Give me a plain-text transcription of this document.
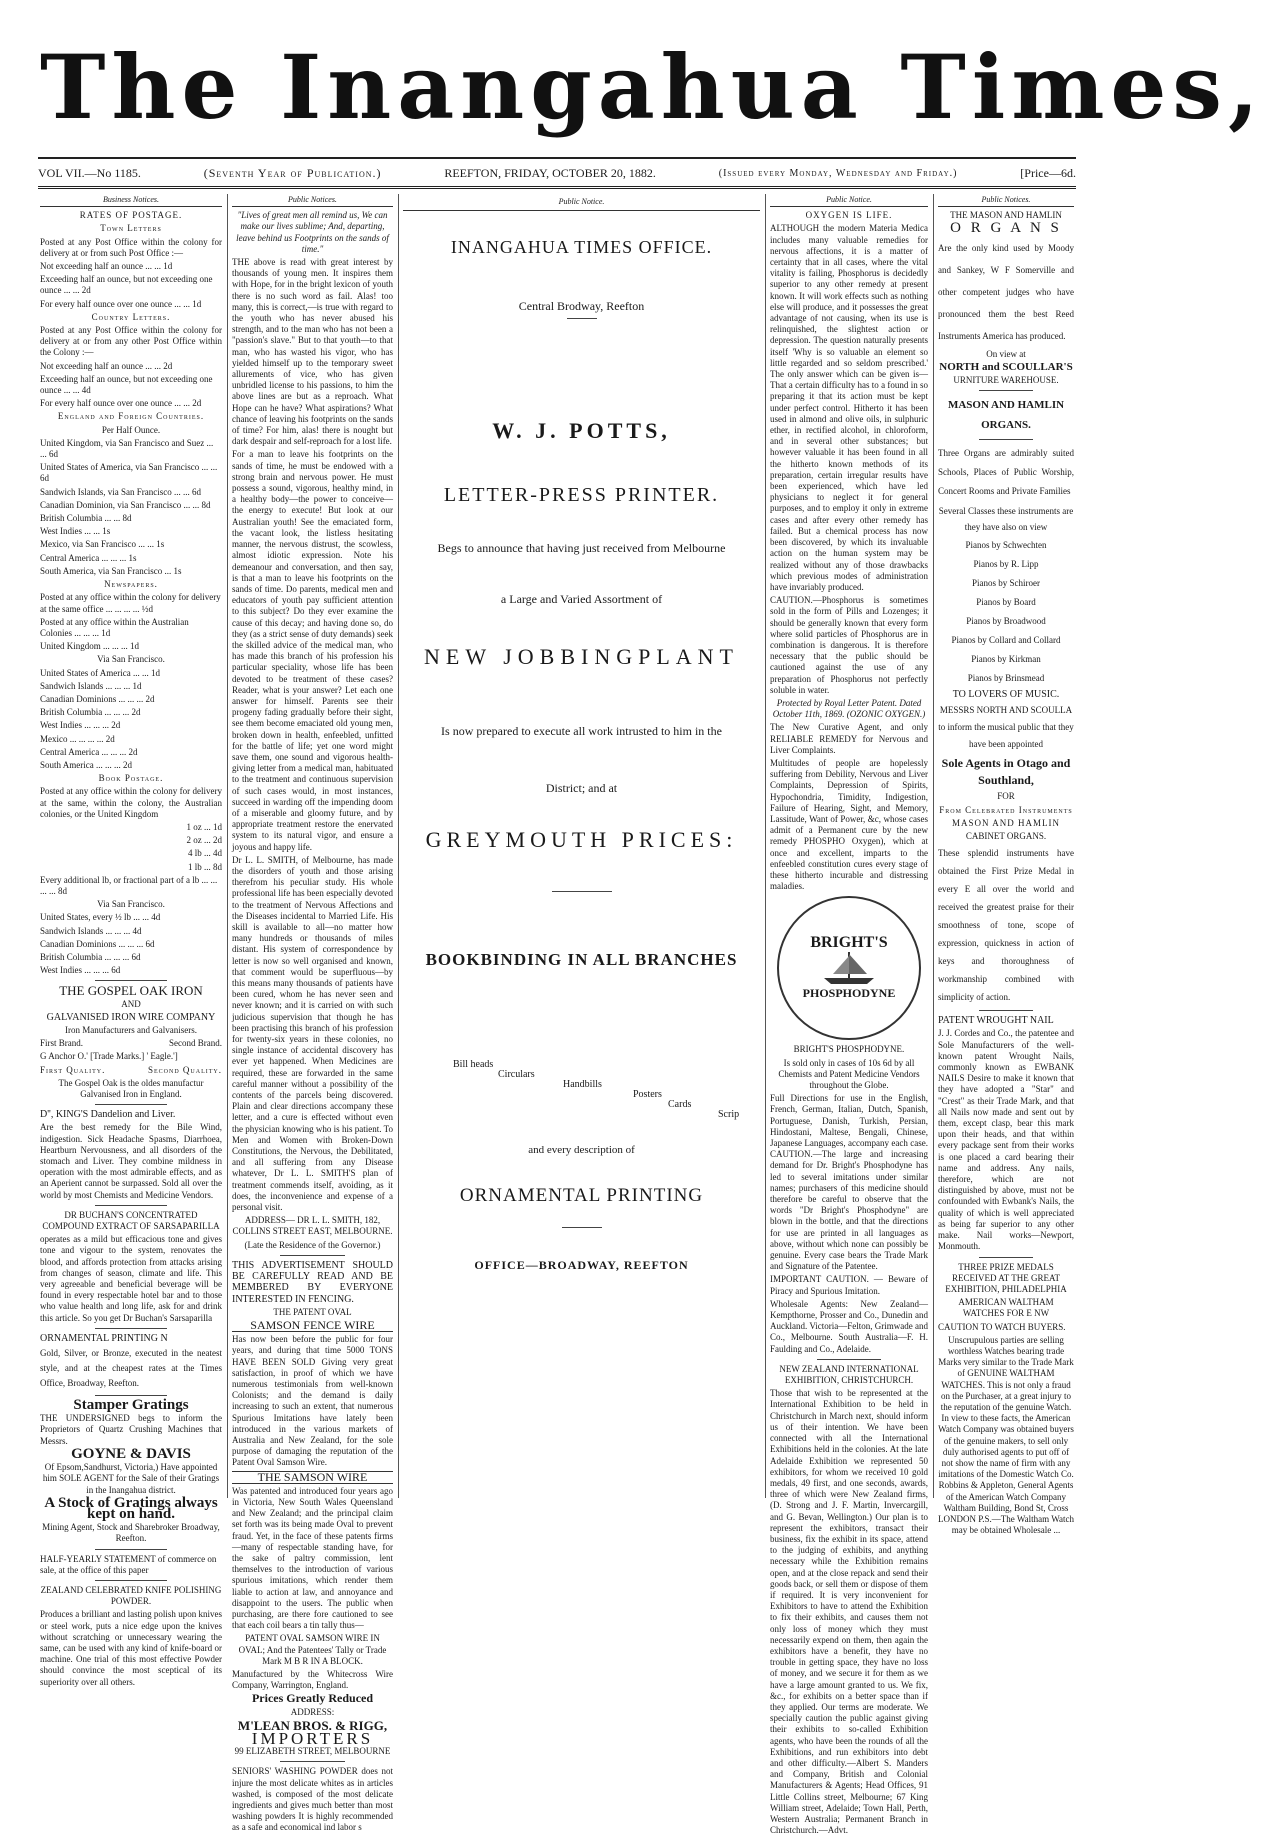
The Inangahua Times,
VOL VII.—No 1185.	(Seventh Year of Publication.)	REEFTON, FRIDAY, OCTOBER 20, 1882.	(Issued every Monday, Wednesday and Friday.)	[Price—6d.
Business Notices.

RATES OF POSTAGE.

Town Letters

Posted at any Post Office within the colony for delivery at or from such Post Office :—

Not exceeding half an ounce ... ... 1d

Exceeding half an ounce, but not exceeding one ounce ... ... 2d

For every half ounce over one ounce ... ... 1d

Country Letters.

Posted at any Post Office within the colony for delivery at or from any other Post Office within the Colony :—

Not exceeding half an ounce ... ... 2d

Exceeding half an ounce, but not exceeding one ounce ... ... 4d

For every half ounce over one ounce ... ... 2d

England and Foreign Countries.

Per Half Ounce.

United Kingdom, via San Francisco and Suez ... ... 6d

United States of America, via San Francisco ... ... 6d

Sandwich Islands, via San Francisco ... ... 6d

Canadian Dominion, via San Francisco ... ... 8d

British Columbia ... ... 8d

West Indies ... ... 1s

Mexico, via San Francisco ... ... 1s

Central America ... ... ... 1s

South America, via San Francisco ... 1s

Newspapers.

Posted at any office within the colony for delivery at the same office ... ... ... ... ½d

Posted at any office within the Australian Colonies ... ... ... 1d

United Kingdom ... ... ... 1d

Via San Francisco.

United States of America ... ... 1d

Sandwich Islands ... ... ... 1d

Canadian Dominions ... ... ... 2d

British Columbia ... ... ... 2d

West Indies ... ... ... 2d

Mexico ... ... ... ... 2d

Central America ... ... ... 2d

South America ... ... ... 2d

Book Postage.

Posted at any office within the colony for delivery at the same, within the colony, the Australian colonies, or the United Kingdom

1 oz ... 1d

2 oz ... 2d

4 lb ... 4d

1 lb ... 8d

Every additional lb, or fractional part of a lb ... ... ... ... 8d

Via San Francisco.

United States, every ½ lb ... ... 4d

Sandwich Islands ... ... ... 4d

Canadian Dominions ... ... ... 6d

British Columbia ... ... ... 6d

West Indies ... ... ... 6d

THE GOSPEL OAK IRON

AND

GALVANISED IRON WIRE COMPANY

Iron Manufacturers and Galvanisers.

First Brand.	Second Brand.

G Anchor O.' [Trade Marks.] ' Eagle.']

First Quality.	Second Quality.

The Gospel Oak is the oldes manufactur Galvanised Iron in England.

D'', KING'S Dandelion and Liver.

Are the best remedy for the Bile Wind, indigestion. Sick Headache Spasms, Diarrhoea, Heartburn Nervousness, and all disorders of the stomach and Liver. They combine mildness in operation with the most admirable effects, and as an Aperient cannot be surpassed. Sold all over the world by most Chemists and Medicine Vendors.

DR BUCHAN'S CONCENTRATED COMPOUND EXTRACT OF SARSAPARILLA

operates as a mild but efficacious tone and gives tone and vigour to the system, renovates the blood, and affords protection from attacks arising from changes of season, climate and life. This very agreeable and beneficial beverage will be found in every respectable hotel bar and to those who value health and long life, ask for and drink this article. So you get Dr Buchan's Sarsaparilla

ORNAMENTAL PRINTING N

Gold, Silver, or Bronze, executed in the neatest style, and at the cheapest rates at the Times Office, Broadway, Reefton.

Stamper Gratings

THE UNDERSIGNED begs to inform the Proprietors of Quartz Crushing Machines that Messrs.

GOYNE & DAVIS

Of Epsom,Sandhurst, Victoria,) Have appointed him SOLE AGENT for the Sale of their Gratings in the Inangahua district.

A Stock of Gratings always kept on hand.

Mining Agent, Stock and Sharebroker Broadway, Reefton.

HALF-YEARLY STATEMENT of commerce on sale, at the office of this paper

ZEALAND CELEBRATED KNIFE POLISHING POWDER.

Produces a brilliant and lasting polish upon knives or steel work, puts a nice edge upon the knives without scratching or unnecessary wearing the same, can be used with any kind of knife-board or machine. One trial of this most effective Powder should convince the most sceptical of its superiority over all others.

Public Notices.

"Lives of great men all remind us, We can make our lives sublime; And, departing, leave behind us Footprints on the sands of time."

THE above is read with great interest by thousands of young men. It inspires them with Hope, for in the bright lexicon of youth there is no such word as fail. Alas! too many, this is correct,—is true with regard to the youth who has never abused his strength, and to the man who has not been a "passion's slave." But to that youth—to that man, who has wasted his vigor, who has yielded himself up to the temporary sweet allurements of vice, who has given unbridled license to his passions, to him the above lines are but as a reproach. What Hope can he have? What aspirations? What chance of leaving his footprints on the sands of time? For him, alas! there is nought but dark despair and self-reproach for a lost life.

For a man to leave his footprints on the sands of time, he must be endowed with a strong brain and nervous power. He must possess a sound, vigorous, healthy mind, in a healthy body—the power to conceive—the energy to execute! But look at our Australian youth! See the emaciated form, the vacant look, the listless hesitating manner, the nervous distrust, the scowless, almost idiotic expression. Note his demeanour and conversation, and then say, is that a man to leave his footprints on the sands of time. Do parents, medical men and educators of youth pay sufficient attention to this subject? Do they ever examine the cause of this decay; and having done so, do they (as a strict sense of duty demands) seek the skilled advice of the medical man, who has made this branch of his profession his particular speciality, whose life has been devoted to be treatment of these cases? Reader, what is your answer? Let each one answer for himself. Parents see their progeny fading gradually before their sight, see them become emaciated old young men, broken down in health, enfeebled, unfitted for the battle of life; yet one word might save them, one sound and vigorous health-giving letter from a medical man, habituated to the treatment and continuous supervision of such cases would, in most instances, succeed in warding off the impending doom of a miserable and gloomy future, and by appropriate treatment restore the enervated system to its natural vigor, and ensure a joyous and happy life.

Dr L. L. SMITH, of Melbourne, has made the disorders of youth and those arising therefrom his peculiar study. His whole professional life has been especially devoted to the treatment of Nervous Affections and the Diseases incidental to Married Life. His skill is available to all—no matter how many hundreds or thousands of miles distant. His system of correspondence by letter is now so well organised and known, that comment would be superfluous—by this means many thousands of patients have been cured, whom he has never seen and never known; and it is carried on with such judicious supervision that though he has been practising this branch of his profession for twenty-six years in these colonies, no single instance of accidental discovery has ever yet happened. When Medicines are required, these are forwarded in the same careful manner without a possibility of the contents of the parcels being discovered. Plain and clear directions accompany these letter, and a cure is effected without even the physician knowing who is his patient. To Men and Women with Broken-Down Constitutions, the Nervous, the Debilitated, and all suffering from any Disease whatever, Dr L. L. SMITH'S plan of treatment commends itself, avoiding, as it does, the inconvenience and expense of a personal visit.

ADDRESS— DR L. L. SMITH, 182, COLLINS STREET EAST, MELBOURNE.

(Late the Residence of the Governor.)

THIS ADVERTISEMENT SHOULD BE CAREFULLY READ AND BE MEMBERED BY EVERYONE INTERESTED IN FENCING.

THE PATENT OVAL

SAMSON FENCE WIRE

Has now been before the public for four years, and during that time 5000 TONS HAVE BEEN SOLD Giving very great satisfaction, in proof of which we have numerous testimonials from well-known Colonists; and the demand is daily increasing to such an extent, that numerous Spurious Imitations have lately been introduced in the various markets of Australia and New Zealand, for the sole purpose of damaging the reputation of the Patent Oval Samson Wire.

THE SAMSON WIRE

Was patented and introduced four years ago in Victoria, New South Wales Queensland and New Zealand; and the principal claim set forth was its being made Oval to prevent fraud. Yet, in the face of these patents firms—many of respectable standing have, for the sake of paltry commission, lent themselves to the introduction of various spurious imitations, which render them liable to action at law, and annoyance and disappoint to the users. The public when purchasing, are there fore cautioned to see that each coil bears a tin tally thus—

PATENT OVAL SAMSON WIRE IN OVAL; And the Patentees' Tally or Trade Mark M B R IN A BLOCK.

Manufactured by the Whitecross Wire Company, Warrington, England.

Prices Greatly Reduced

ADDRESS:

M'LEAN BROS. & RIGG,

IMPORTERS

99 ELIZABETH STREET, MELBOURNE

SENIORS' WASHING POWDER does not injure the most delicate whites as in articles washed, is composed of the most delicate ingredients and gives much better than most washing powders It is highly recommended as a safe and economical ind labor s

Public Notice.

INANGAHUA TIMES OFFICE.

Central Brodway, Reefton

W. J. POTTS,

LETTER-PRESS PRINTER.

Begs to announce that having just received from Melbourne

a Large and Varied Assortment of

NEW JOBBINGPLANT

Is now prepared to execute all work intrusted to him in the

District; and at

GREYMOUTH PRICES:

BOOKBINDING IN ALL BRANCHES

Bill heads
Circulars
Handbills
Posters
Cards
Scrip

and every description of

ORNAMENTAL PRINTING

OFFICE—BROADWAY, REEFTON

Public Notice.

OXYGEN IS LIFE.

ALTHOUGH the modern Materia Medica includes many valuable remedies for nervous affections, it is a matter of certainty that in all cases, where the vital vitality is failing, Phosphorus is decidedly superior to any other remedy at present known. It will work effects such as nothing else will produce, and it possesses the great advantage of not causing, when its use is relinquished, the slightest action or depression. The question naturally presents itself 'Why is so valuable an element so little regarded and so seldom prescribed.' The only answer which can be given is—That a certain difficulty has to a found in so preparing it that its action must be kept under perfect control. Hitherto it has been used in almond and olive oils, in sulphuric ether, in rectified alcohol, in chloroform, and in several other substances; but however valuable it has been found in all the hitherto known methods of its preparation, certain irregular results have been experienced, which have led physicians to neglect it for general purposes, and to employ it only in extreme cases and after every other remedy has failed. But a chemical process has now been discovered, by which its invaluable action on the human system may be realized without any of those drawbacks which previous modes of administration have invariably produced.

CAUTION.—Phosphorus is sometimes sold in the form of Pills and Lozenges; it should be generally known that every form where solid particles of Phosphorus are in combination is dangerous. It is therefore necessary that the public should be cautioned against the use of any preparation of Phosphorus not perfectly soluble in water.

Protected by Royal Letter Patent. Dated October 11th, 1869. (OZONIC OXYGEN.)

The New Curative Agent, and only RELIABLE REMEDY for Nervous and Liver Complaints.

Multitudes of people are hopelessly suffering from Debility, Nervous and Liver Complaints, Depression of Spirits, Hypochondria, Timidity, Indigestion, Failure of Hearing, Sight, and Memory, Lassitude, Want of Power, &c, whose cases admit of a Permanent cure by the new remedy PHOSPHO Oxygen), which at once and excellent, imparts to the enfeebled constitution cures every stage of these hitherto incurable and distressing maladies.

BRIGHT'S
PHOSPHODYNE

BRIGHT'S PHOSPHODYNE.

Is sold only in cases of 10s 6d by all Chemists and Patent Medicine Vendors throughout the Globe.

Full Directions for use in the English, French, German, Italian, Dutch, Spanish, Portuguese, Danish, Turkish, Persian, Hindostani, Maltese, Bengali, Chinese, Japanese Languages, accompany each case. CAUTION.—The large and increasing demand for Dr. Bright's Phosphodyne has led to several imitations under similar names; purchasers of this medicine should therefore be careful to observe that the words "Dr Bright's Phosphodyne" are blown in the bottle, and that the directions for use are printed in all languages as above, without which none can possibly be genuine. Every case bears the Trade Mark and Signature of the Patentee.

IMPORTANT CAUTION. — Beware of Piracy and Spurious Imitation.

Wholesale Agents: New Zealand—Kempthorne, Prosser and Co., Dunedin and Auckland. Victoria—Felton, Grimwade and Co., Melbourne. South Australia—F. H. Faulding and Co., Adelaide.

NEW ZEALAND INTERNATIONAL EXHIBITION, CHRISTCHURCH.

Those that wish to be represented at the International Exhibition to be held in Christchurch in March next, should inform us of their intention. We have been connected with all the International Exhibitions held in the colonies. At the late Adelaide Exhibition we represented 50 exhibitors, for whom we received 10 gold medals, 49 first, and one seconds, awards, three of which were New Zealand firms, (D. Strong and J. F. Martin, Invercargill, and G. Bevan, Wellington.) Our plan is to represent the exhibitors, transact their business, fix the exhibit in its space, attend to the judging of exhibits, and anything necessary while the Exhibition remains open, and at the close repack and send their goods back, or sell them or dispose of them if required. It is very inconvenient for Exhibitors to have to attend the Exhibition to fix their exhibits, and causes them not only loss of money which they must necessarily expend on them, then again the exhibitors have a benefit, they have no trouble in getting space, they have no loss of money, and we secure it for them as we have a large amount granted to us. We fix, &c., for exhibits on a better space than if they applied. Our terms are moderate. We specially caution the public against giving their exhibits to so-called Exhibition agents, who have been the rounds of all the Exhibitions, and run exhibitors into debt and other difficulty.—Albert S. Manders and Company, British and Colonial Manufacturers & Agents; Head Offices, 91 Little Collins street, Melbourne; 67 King William street, Adelaide; Town Hall, Perth, Western Australia; Permanent Branch in Christchurch.—Advt.

Public Notices.

THE MASON AND HAMLIN

O R G A N S

Are the only kind used by Moody and Sankey, W F Somerville and other competent judges who have pronounced them the best Reed Instruments America has produced.

On view at

NORTH and SCOULLAR'S

URNITURE WAREHOUSE.

MASON AND HAMLIN ORGANS.

Three Organs are admirably suited Schools, Places of Public Worship, Concert Rooms and Private Families

Several Classes these instruments are they have also on view

Pianos by Schwechten

Pianos by R. Lipp

Pianos by Schiroer

Pianos by Board

Pianos by Broadwood

Pianos by Collard and Collard

Pianos by Kirkman

Pianos by Brinsmead

TO LOVERS OF MUSIC.

MESSRS NORTH AND SCOULLA to inform the musical public that they have been appointed

Sole Agents in Otago and Southland,

FOR

From Celebrated Instruments

MASON AND HAMLIN

CABINET ORGANS.

These splendid instruments have obtained the First Prize Medal in every E all over the world and received the greatest praise for their smoothness of tone, scope of expression, quickness in action of keys and thoroughness of workmanship combined with simplicity of action.

PATENT WROUGHT NAIL

J. J. Cordes and Co., the patentee and Sole Manufacturers of the well-known patent Wrought Nails, commonly known as EWBANK NAILS Desire to make it known that they have adopted a "Star" and "Crest" as their Trade Mark, and that all Nails now made and sent out by them, except clasp, bear this mark upon their heads, and that within every package sent from their works is one placed a card bearing their name and address. Any nails, therefore, which are not distinguished by above, must not be confounded with Ewbank's Nails, the quality of which is well appreciated as being far superior to any other make. Nail works—Newport, Monmouth.

THREE PRIZE MEDALS RECEIVED AT THE GREAT EXHIBITION, PHILADELPHIA

AMERICAN WALTHAM WATCHES FOR E NW

CAUTION TO WATCH BUYERS.

Unscrupulous parties are selling worthless Watches bearing trade Marks very similar to the Trade Mark of GENUINE WALTHAM WATCHES. This is not only a fraud on the Purchaser, at a great injury to the reputation of the genuine Watch. In view to these facts, the American Watch Company was obtained buyers of the genuine makers, to sell only duly authorised agents to put off of not show the name of firm with any imitations of the Domestic Watch Co. Robbins & Appleton, General Agents of the American Watch Company Waltham Building, Bond St, Cross LONDON P.S.—The Waltham Watch may be obtained Wholesale ...
